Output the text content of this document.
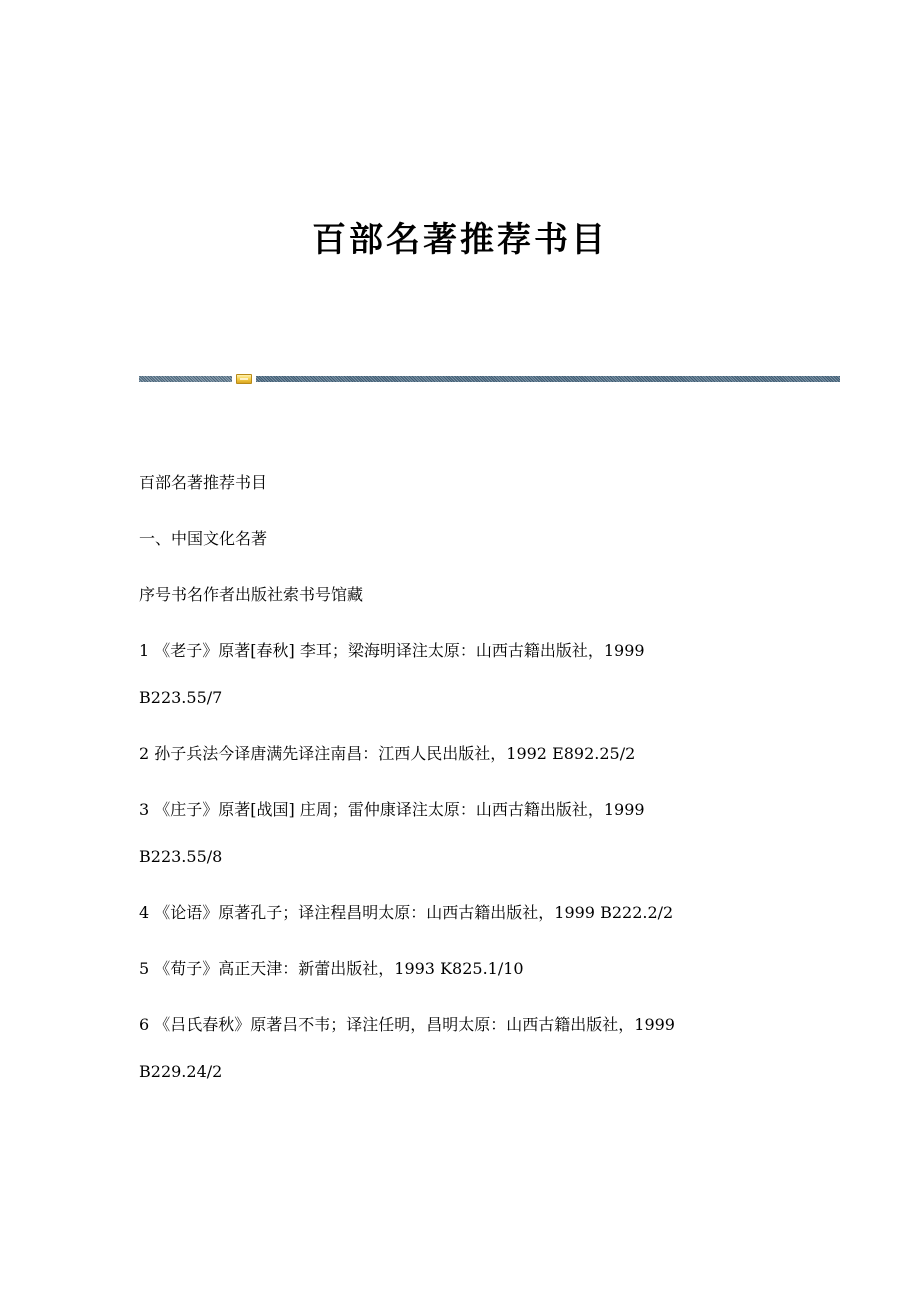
百部名著推荐书目
百部名著推荐书目
一、中国文化名著
序号书名作者出版社索书号馆藏
1 《老子》原著[春秋] 李耳；梁海明译注太原：山西古籍出版社，1999
B223.55/7
2 孙子兵法今译唐满先译注南昌：江西人民出版社，1992 E892.25/2
3 《庄子》原著[战国] 庄周；雷仲康译注太原：山西古籍出版社，1999
B223.55/8
4 《论语》原著孔子；译注程昌明太原：山西古籍出版社，1999 B222.2/2
5 《荀子》高正天津：新蕾出版社，1993 K825.1/10
6 《吕氏春秋》原著吕不韦；译注任明，昌明太原：山西古籍出版社，1999
B229.24/2
